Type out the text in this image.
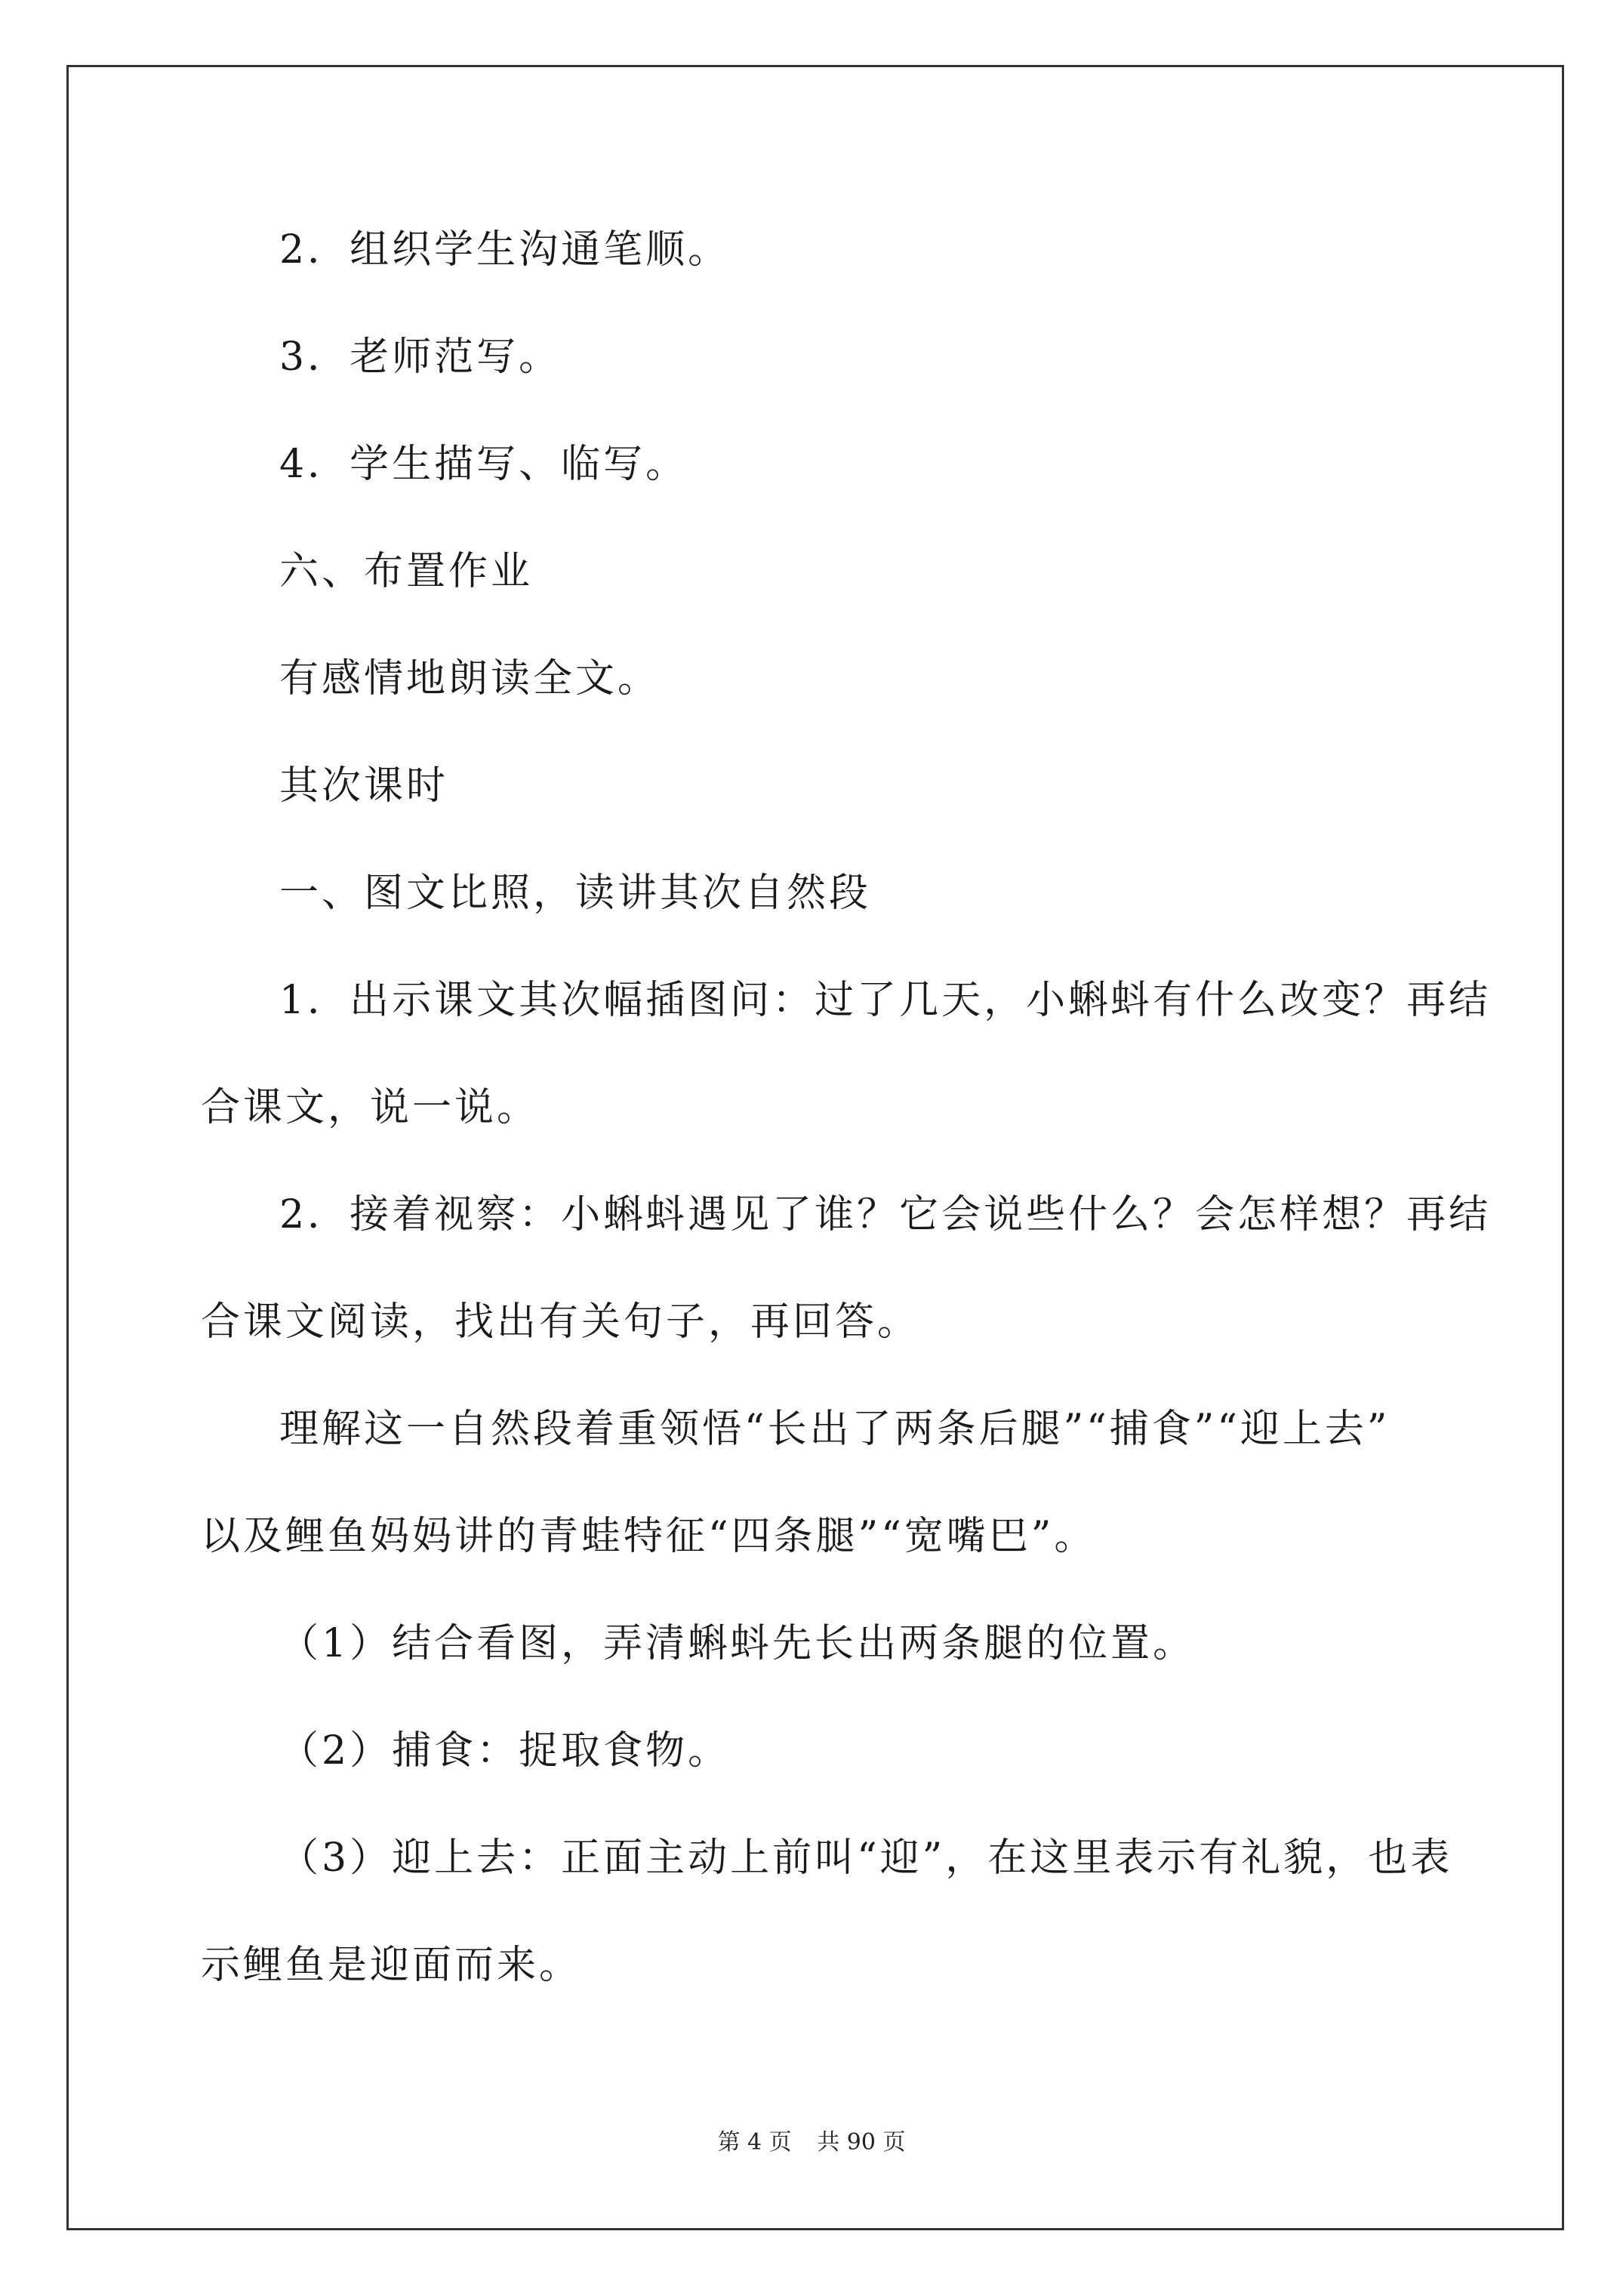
2．组织学生沟通笔顺。
3．老师范写。
4．学生描写、临写。
六、布置作业
有感情地朗读全文。
其次课时
一、图文比照，读讲其次自然段
1．出示课文其次幅插图问：过了几天，小蝌蚪有什么改变？再结
合课文，说一说。
2．接着视察：小蝌蚪遇见了谁？它会说些什么？会怎样想？再结
合课文阅读，找出有关句子，再回答。
理解这一自然段着重领悟“长出了两条后腿”“捕食”“迎上去”
以及鲤鱼妈妈讲的青蛙特征“四条腿”“宽嘴巴”。
（1）结合看图，弄清蝌蚪先长出两条腿的位置。
（2）捕食：捉取食物。
（3）迎上去：正面主动上前叫“迎”，在这里表示有礼貌，也表
示鲤鱼是迎面而来。
第 4 页 共 90 页
